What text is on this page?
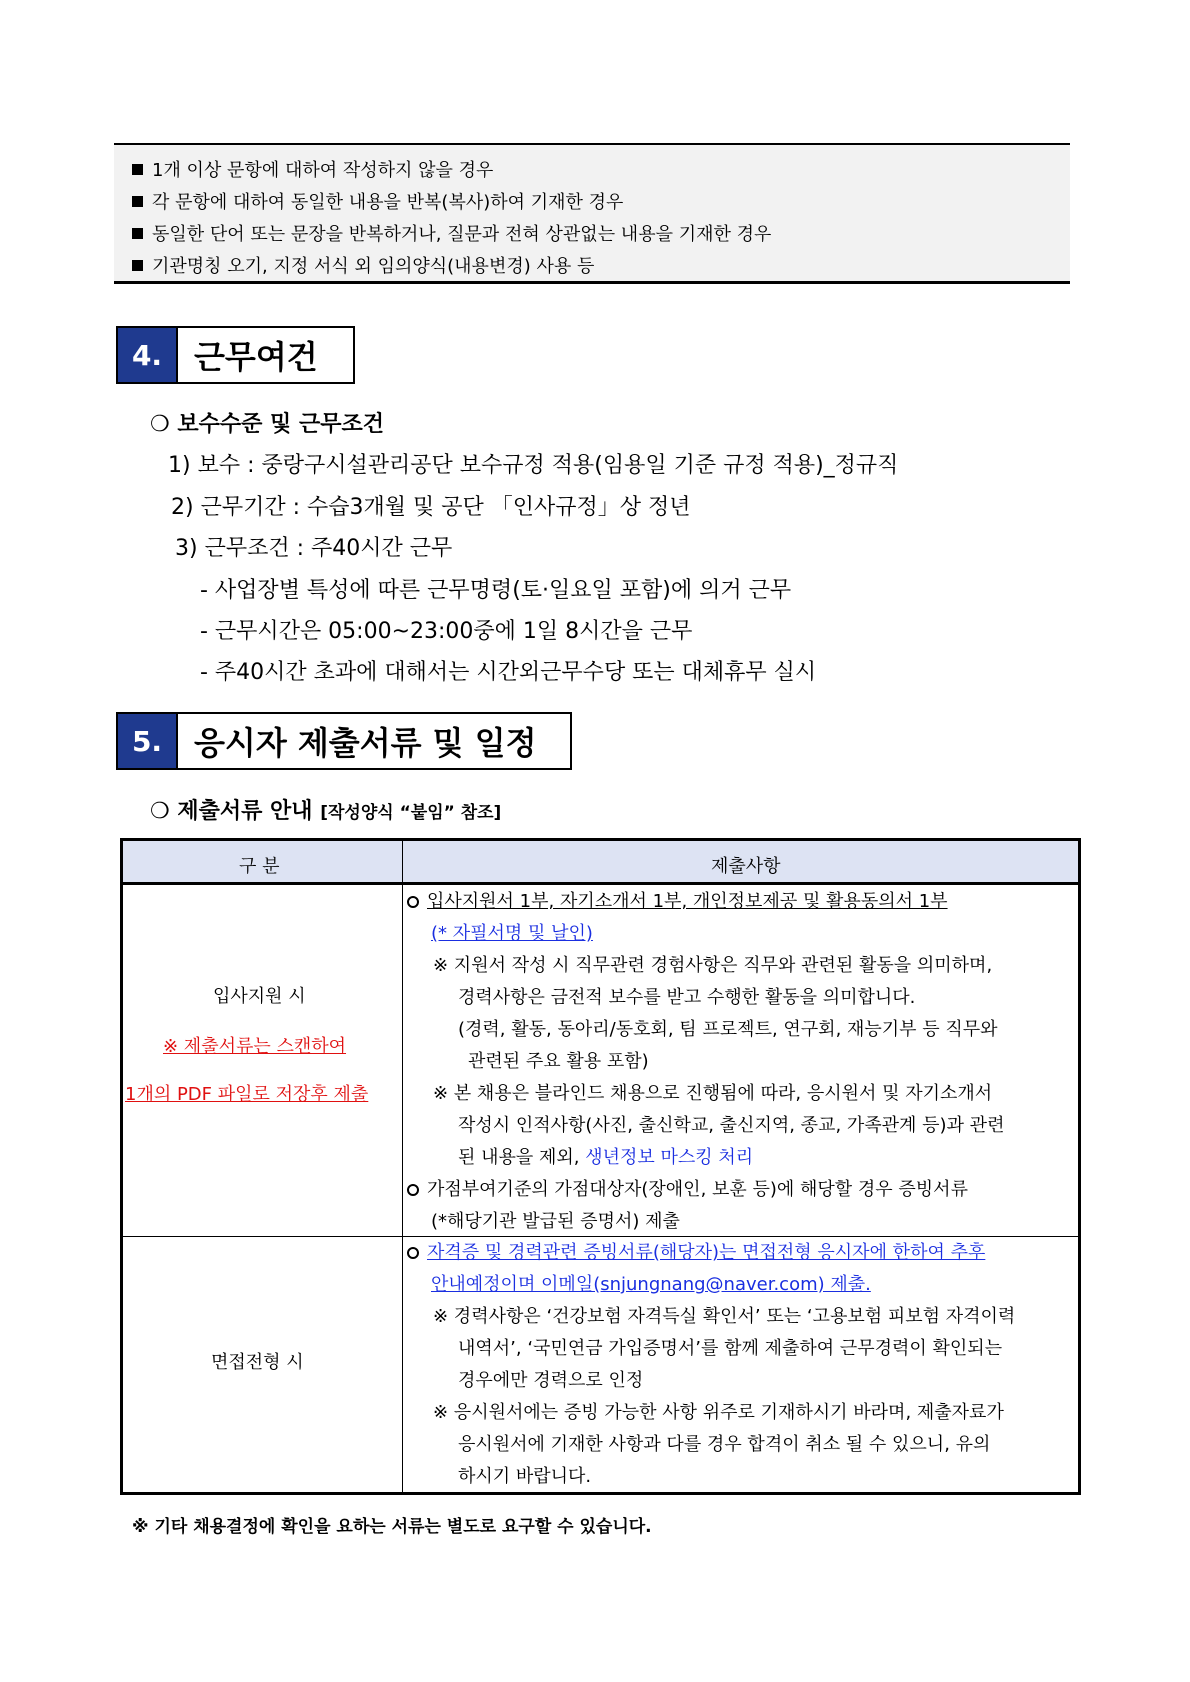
1개 이상 문항에 대하여 작성하지 않을 경우
각 문항에 대하여 동일한 내용을 반복(복사)하여 기재한 경우
동일한 단어 또는 문장을 반복하거나, 질문과 전혀 상관없는 내용을 기재한 경우
기관명칭 오기, 지정 서식 외 임의양식(내용변경) 사용 등
4. 근무여건
❍ 보수수준 및 근무조건
1) 보수 : 중랑구시설관리공단 보수규정 적용(임용일 기준 규정 적용)_정규직
2) 근무기간 : 수습3개월 및 공단 「인사규정」상 정년
3) 근무조건 : 주40시간 근무
- 사업장별 특성에 따른 근무명령(토·일요일 포함)에 의거 근무
- 근무시간은 05:00~23:00중에 1일 8시간을 근무
- 주40시간 초과에 대해서는 시간외근무수당 또는 대체휴무 실시
5. 응시자 제출서류 및 일정
❍ 제출서류 안내 [작성양식 “붙임” 참조]
구 분	제출사항
입사지원 시
※ 제출서류는 스캔하여
1개의 PDF 파일로 저장후 제출
입사지원서 1부, 자기소개서 1부, 개인정보제공 및 활용동의서 1부
(* 자필서명 및 날인)
※ 지원서 작성 시 직무관련 경험사항은 직무와 관련된 활동을 의미하며,
경력사항은 금전적 보수를 받고 수행한 활동을 의미합니다.
(경력, 활동, 동아리/동호회, 팀 프로젝트, 연구회, 재능기부 등 직무와
관련된 주요 활용 포함)
※ 본 채용은 블라인드 채용으로 진행됨에 따라, 응시원서 및 자기소개서
작성시 인적사항(사진, 출신학교, 출신지역, 종교, 가족관계 등)과 관련
된 내용을 제외, 생년정보 마스킹 처리
가점부여기준의 가점대상자(장애인, 보훈 등)에 해당할 경우 증빙서류
(*해당기관 발급된 증명서) 제출
면접전형 시
자격증 및 경력관련 증빙서류(해당자)는 면접전형 응시자에 한하여 추후
안내예정이며 이메일(snjungnang@naver.com) 제출.
※ 경력사항은 ‘건강보험 자격득실 확인서’ 또는 ‘고용보험 피보험 자격이력
내역서’, ‘국민연금 가입증명서’를 함께 제출하여 근무경력이 확인되는
경우에만 경력으로 인정
※ 응시원서에는 증빙 가능한 사항 위주로 기재하시기 바라며, 제출자료가
응시원서에 기재한 사항과 다를 경우 합격이 취소 될 수 있으니, 유의
하시기 바랍니다.
※ 기타 채용결정에 확인을 요하는 서류는 별도로 요구할 수 있습니다.
